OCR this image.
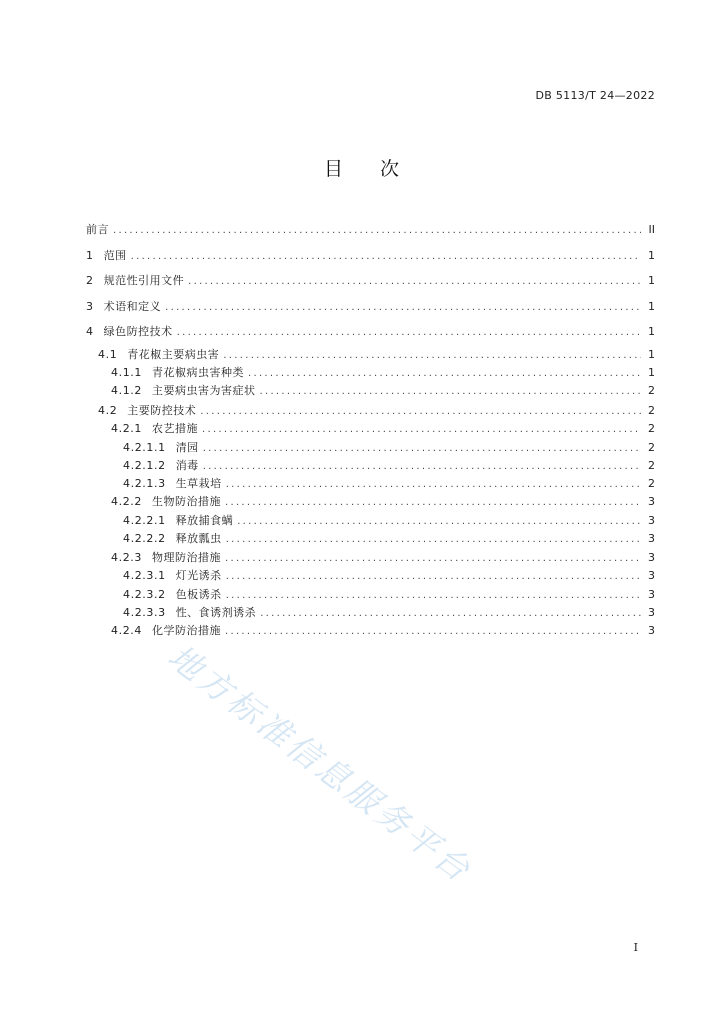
DB 5113/T 24—2022
目 次
前言 .....	II
1 范围 .....	1
2 规范性引用文件 .....	1
3 术语和定义 .....	1
4 绿色防控技术 .....	1
4.1 青花椒主要病虫害 .....	1
4.1.1 青花椒病虫害种类 .....	1
4.1.2 主要病虫害为害症状 .....	2
4.2 主要防控技术 .....	2
4.2.1 农艺措施 .....	2
4.2.1.1 清园 .....	2
4.2.1.2 消毒 .....	2
4.2.1.3 生草栽培 .....	2
4.2.2 生物防治措施 .....	3
4.2.2.1 释放捕食螨 .....	3
4.2.2.2 释放瓢虫 .....	3
4.2.3 物理防治措施 .....	3
4.2.3.1 灯光诱杀 .....	3
4.2.3.2 色板诱杀 .....	3
4.2.3.3 性、食诱剂诱杀 .....	3
4.2.4 化学防治措施 .....	3
地方标准信息服务平台
I
